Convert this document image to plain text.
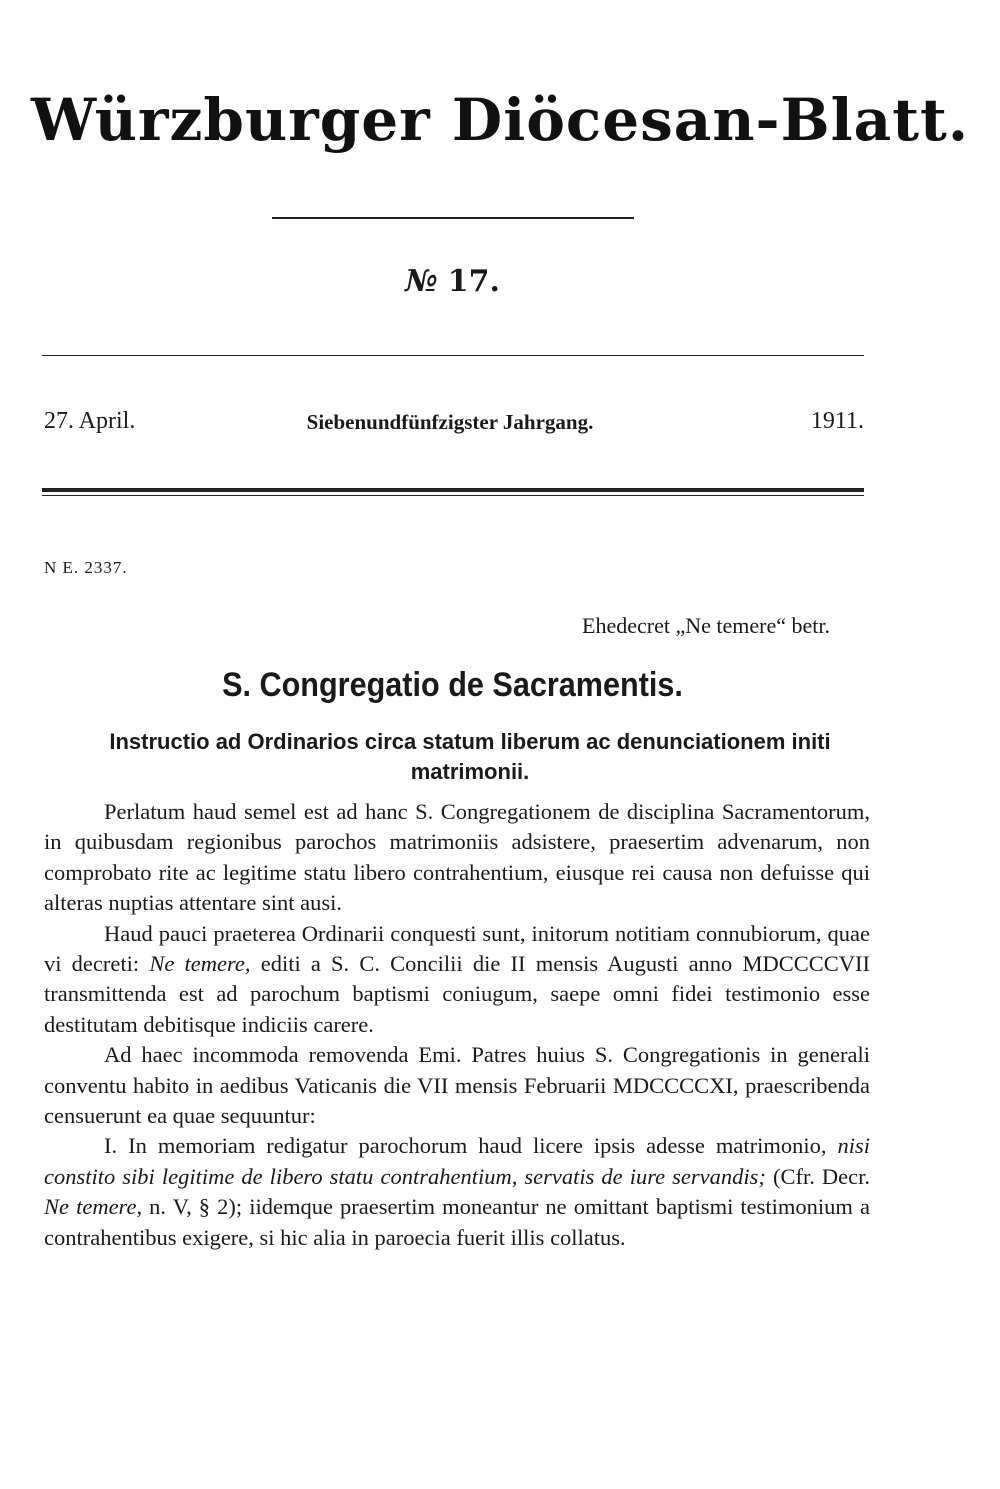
Würzburger Diöcesan-Blatt.
№ 17.
27. April.	Siebenundfünfzigster Jahrgang.	1911.
N E. 2337.
Ehedecret „Ne temere“ betr.
S. Congregatio de Sacramentis.
Instructio ad Ordinarios circa statum liberum ac denunciationem initi matrimonii.

Perlatum haud semel est ad hanc S. Congregationem de disciplina Sacramentorum, in quibusdam regionibus parochos matrimoniis adsistere, praesertim advenarum, non comprobato rite ac legitime statu libero contrahentium, eiusque rei causa non defuisse qui alteras nuptias attentare sint ausi.

Haud pauci praeterea Ordinarii conquesti sunt, initorum notitiam connubiorum, quae vi decreti: Ne temere, editi a S. C. Concilii die II mensis Augusti anno MDCCCCVII transmittenda est ad parochum baptismi coniugum, saepe omni fidei testimonio esse destitutam debitisque indiciis carere.

Ad haec incommoda removenda Emi. Patres huius S. Congregationis in generali conventu habito in aedibus Vaticanis die VII mensis Februarii MDCCCCXI, praescribenda censuerunt ea quae sequuntur:

I. In memoriam redigatur parochorum haud licere ipsis adesse matrimonio, nisi constito sibi legitime de libero statu contrahentium, servatis de iure servandis; (Cfr. Decr. Ne temere, n. V, § 2); iidemque praesertim moneantur ne omittant baptismi testimonium a contrahentibus exigere, si hic alia in paroecia fuerit illis collatus.
